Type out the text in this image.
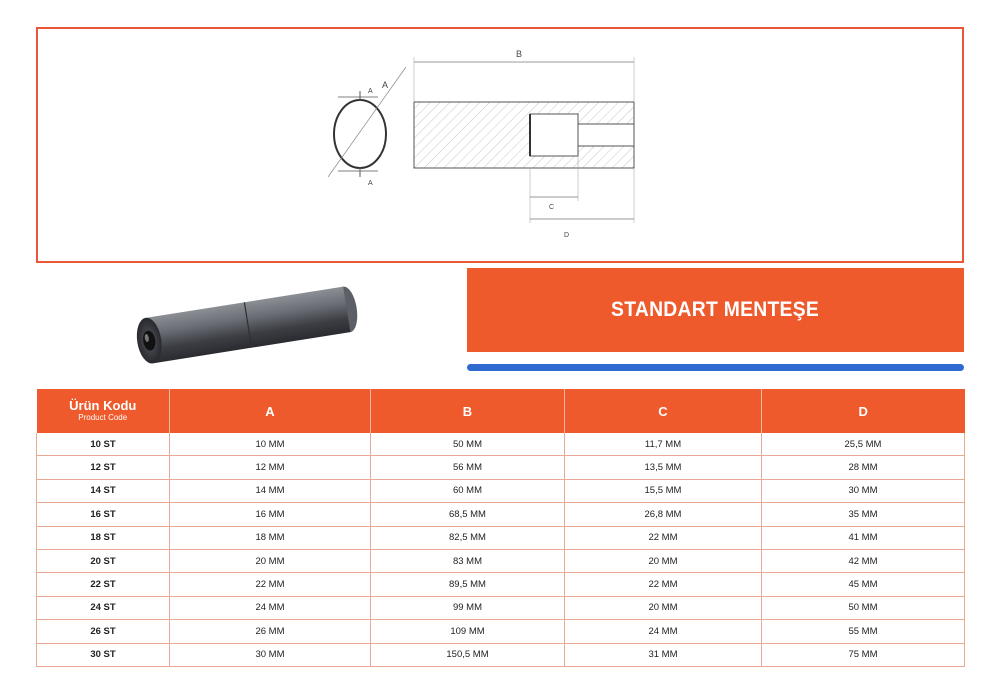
A
A
A
B
C
D
STANDART MENTEŞE
Ürün Kodu
Product Code	A	B	C	D
10 ST	10 MM	50 MM	11,7 MM	25,5 MM
12 ST	12 MM	56 MM	13,5 MM	28 MM
14 ST	14 MM	60 MM	15,5 MM	30 MM
16 ST	16 MM	68,5 MM	26,8 MM	35 MM
18 ST	18 MM	82,5 MM	22 MM	41 MM
20 ST	20 MM	83 MM	20 MM	42 MM
22 ST	22 MM	89,5 MM	22 MM	45 MM
24 ST	24 MM	99 MM	20 MM	50 MM
26 ST	26 MM	109 MM	24 MM	55 MM
30 ST	30 MM	150,5 MM	31 MM	75 MM
